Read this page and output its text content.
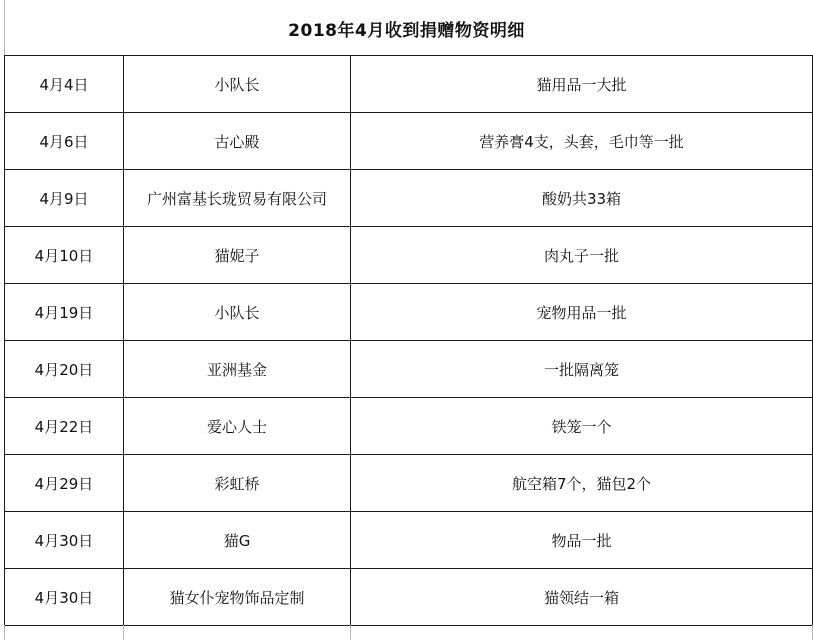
2018年4月收到捐赠物资明细
4月4日	小队长	猫用品一大批
4月6日	古心殿	营养膏4支，头套，毛巾等一批
4月9日	广州富基长珑贸易有限公司	酸奶共33箱
4月10日	猫妮子	肉丸子一批
4月19日	小队长	宠物用品一批
4月20日	亚洲基金	一批隔离笼
4月22日	爱心人士	铁笼一个
4月29日	彩虹桥	航空箱7个，猫包2个
4月30日	猫G	物品一批
4月30日	猫女仆宠物饰品定制	猫领结一箱
